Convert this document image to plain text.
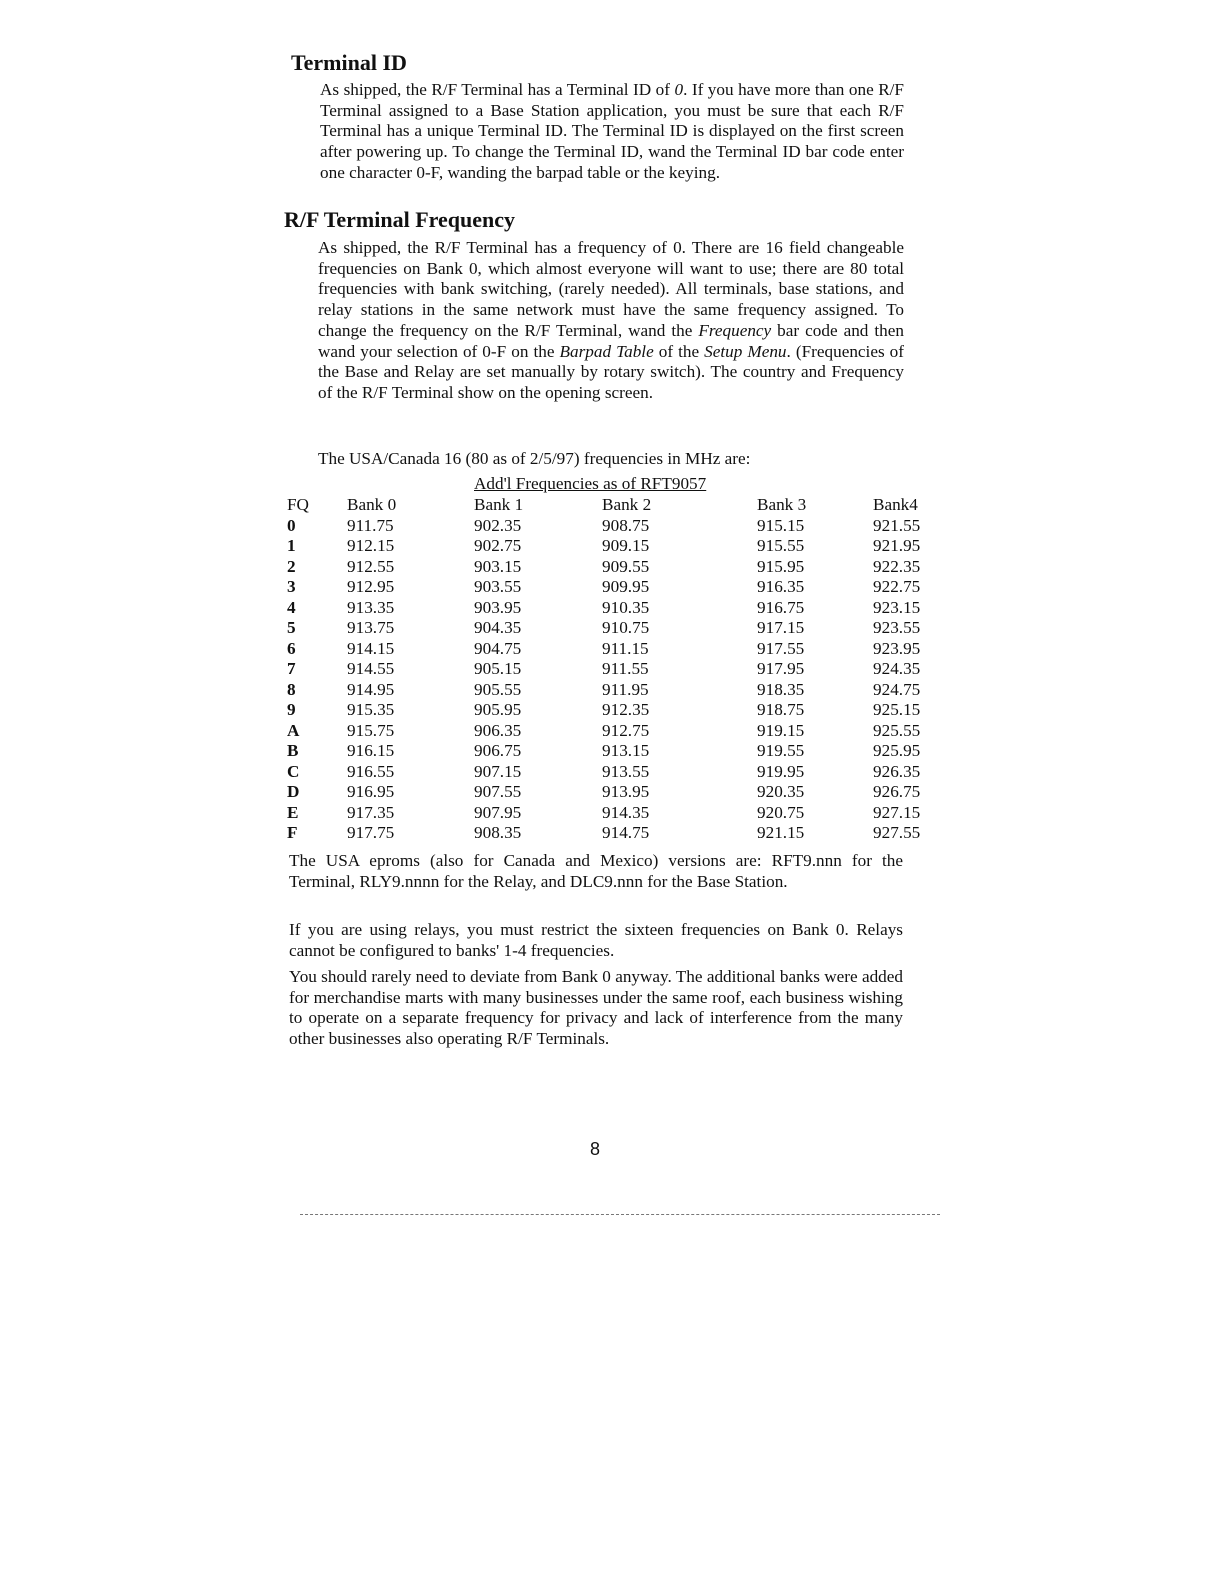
Terminal ID

As shipped, the R/F Terminal has a Terminal ID of 0. If you have more than one R/F Terminal assigned to a Base Station application, you must be sure that each R/F Terminal has a unique Terminal ID. The Terminal ID is displayed on the first screen after powering up. To change the Terminal ID, wand the Terminal ID bar code enter one character 0-F, wanding the barpad table or the keying.

R/F Terminal Frequency

As shipped, the R/F Terminal has a frequency of 0. There are 16 field changeable frequencies on Bank 0, which almost everyone will want to use; there are 80 total frequencies with bank switching, (rarely needed). All terminals, base stations, and relay stations in the same network must have the same frequency assigned. To change the frequency on the R/F Terminal, wand the Frequency bar code and then wand your selection of 0-F on the Barpad Table of the Setup Menu. (Frequencies of the Base and Relay are set manually by rotary switch). The country and Frequency of the R/F Terminal show on the opening screen.

The USA/Canada 16 (80 as of 2/5/97) frequencies in MHz are:

Add'l Frequencies as of RFT9057
FQ	Bank 0	Bank 1	Bank 2	Bank 3	Bank4
0	911.75	902.35	908.75	915.15	921.55
1	912.15	902.75	909.15	915.55	921.95
2	912.55	903.15	909.55	915.95	922.35
3	912.95	903.55	909.95	916.35	922.75
4	913.35	903.95	910.35	916.75	923.15
5	913.75	904.35	910.75	917.15	923.55
6	914.15	904.75	911.15	917.55	923.95
7	914.55	905.15	911.55	917.95	924.35
8	914.95	905.55	911.95	918.35	924.75
9	915.35	905.95	912.35	918.75	925.15
A	915.75	906.35	912.75	919.15	925.55
B	916.15	906.75	913.15	919.55	925.95
C	916.55	907.15	913.55	919.95	926.35
D	916.95	907.55	913.95	920.35	926.75
E	917.35	907.95	914.35	920.75	927.15
F	917.75	908.35	914.75	921.15	927.55

The USA eproms (also for Canada and Mexico) versions are: RFT9.nnn for the Terminal, RLY9.nnnn for the Relay, and DLC9.nnn for the Base Station.

If you are using relays, you must restrict the sixteen frequencies on Bank 0. Relays cannot be configured to banks' 1-4 frequencies.

You should rarely need to deviate from Bank 0 anyway. The additional banks were added for merchandise marts with many businesses under the same roof, each business wishing to operate on a separate frequency for privacy and lack of interference from the many other businesses also operating R/F Terminals.

8
